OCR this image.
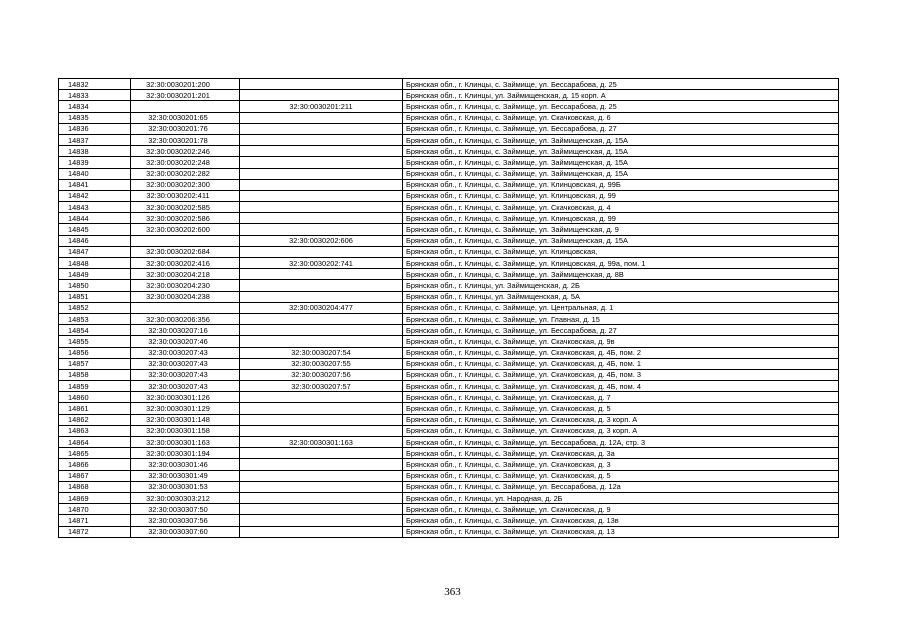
14832	32:30:0030201:200		Брянская обл., г. Клинцы, с. Займище, ул. Бессарабова, д. 25
14833	32:30:0030201:201		Брянская обл., г. Клинцы, ул. Займищенская, д. 15 корп. А
14834		32:30:0030201:211	Брянская обл., г. Клинцы, с. Займище, ул. Бессарабова, д. 25
14835	32:30:0030201:65		Брянская обл., г. Клинцы, с. Займище, ул. Скачковская, д. 6
14836	32:30:0030201:76		Брянская обл., г. Клинцы, с. Займище, ул. Бессарабова, д. 27
14837	32:30:0030201:78		Брянская обл., г. Клинцы, с. Займище, ул. Займищенская, д. 15А
14838	32:30:0030202:246		Брянская обл., г. Клинцы, с. Займище, ул. Займищенская, д. 15А
14839	32:30:0030202:248		Брянская обл., г. Клинцы, с. Займище, ул. Займищенская, д. 15А
14840	32:30:0030202:282		Брянская обл., г. Клинцы, с. Займище, ул. Займищенская, д. 15А
14841	32:30:0030202:300		Брянская обл., г. Клинцы, с. Займище, ул. Клинцовская, д. 99Б
14842	32:30:0030202:411		Брянская обл., г. Клинцы, с. Займище, ул. Клинцовская, д. 99
14843	32:30:0030202:585		Брянская обл., г. Клинцы, с. Займище, ул. Скачковская, д. 4
14844	32:30:0030202:586		Брянская обл., г. Клинцы, с. Займище, ул. Клинцовская, д. 99
14845	32:30:0030202:600		Брянская обл., г. Клинцы, с. Займище, ул. Займищенская, д. 9
14846		32:30:0030202:606	Брянская обл., г. Клинцы, с. Займище, ул. Займищенская, д. 15А
14847	32:30:0030202:684		Брянская обл., г. Клинцы, с. Займище, ул. Клинцовская,
14848	32:30:0030202:416	32:30:0030202:741	Брянская обл., г. Клинцы, с. Займище, ул. Клинцовская, д. 99а, пом. 1
14849	32:30:0030204:218		Брянская обл., г. Клинцы, с. Займище, ул. Займищенская, д. 8В
14850	32:30:0030204:230		Брянская обл., г. Клинцы, ул. Займищенская, д. 2Б
14851	32:30:0030204:238		Брянская обл., г. Клинцы, ул. Займищенская, д. 5А
14852		32:30:0030204:477	Брянская обл., г. Клинцы, с. Займище, ул. Центральная, д. 1
14853	32:30:0030206:356		Брянская обл., г. Клинцы, с. Займище, ул. Главная, д. 15
14854	32:30:0030207:16		Брянская обл., г. Клинцы, с. Займище, ул. Бессарабова, д. 27
14855	32:30:0030207:46		Брянская обл., г. Клинцы, с. Займище, ул. Скачковская, д. 9в
14856	32:30:0030207:43	32:30:0030207:54	Брянская обл., г. Клинцы, с. Займище, ул. Скачковская, д. 4Б, пом. 2
14857	32:30:0030207:43	32:30:0030207:55	Брянская обл., г. Клинцы, с. Займище, ул. Скачковская, д. 4Б, пом. 1
14858	32:30:0030207:43	32:30:0030207:56	Брянская обл., г. Клинцы, с. Займище, ул. Скачковская, д. 4Б, пом. 3
14859	32:30:0030207:43	32:30:0030207:57	Брянская обл., г. Клинцы, с. Займище, ул. Скачковская, д. 4Б, пом. 4
14860	32:30:0030301:126		Брянская обл., г. Клинцы, с. Займище, ул. Скачковская, д. 7
14861	32:30:0030301:129		Брянская обл., г. Клинцы, с. Займище, ул. Скачковская, д. 5
14862	32:30:0030301:148		Брянская обл., г. Клинцы, с. Займище, ул. Скачковская, д. 3 корп. А
14863	32:30:0030301:158		Брянская обл., г. Клинцы, с. Займище, ул. Скачковская, д. 3 корп. А
14864	32:30:0030301:163	32:30:0030301:163	Брянская обл., г. Клинцы, с. Займище, ул. Бессарабова, д. 12А, стр. 3
14865	32:30:0030301:194		Брянская обл., г. Клинцы, с. Займище, ул. Скачковская, д. 3а
14866	32:30:0030301:46		Брянская обл., г. Клинцы, с. Займище, ул. Скачковская, д. 3
14867	32:30:0030301:49		Брянская обл., г. Клинцы, с. Займище, ул. Скачковская, д. 5
14868	32:30:0030301:53		Брянская обл., г. Клинцы, с. Займище, ул. Бессарабова, д. 12а
14869	32:30:0030303:212		Брянская обл., г. Клинцы, ул. Народная, д. 2Б
14870	32:30:0030307:50		Брянская обл., г. Клинцы, с. Займище, ул. Скачковская, д. 9
14871	32:30:0030307:56		Брянская обл., г. Клинцы, с. Займище, ул. Скачковская, д. 13в
14872	32:30:0030307:60		Брянская обл., г. Клинцы, с. Займище, ул. Скачковская, д. 13
363
